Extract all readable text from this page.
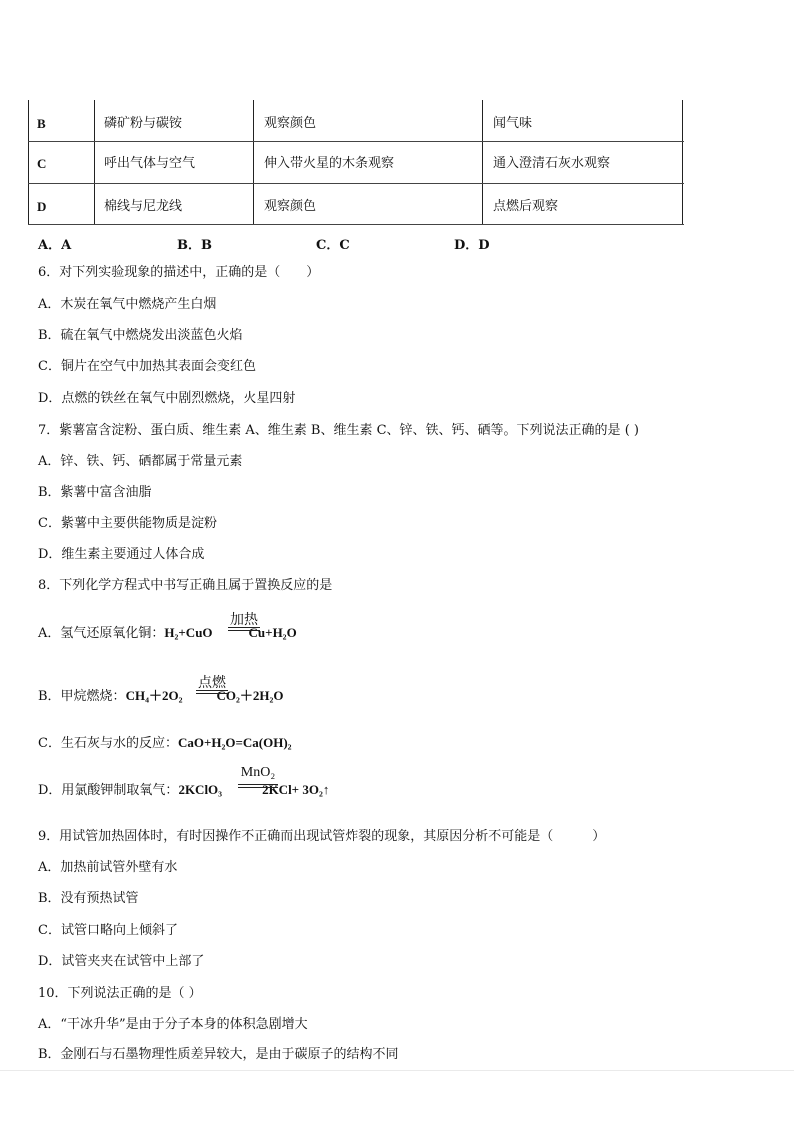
B	磷矿粉与碳铵	观察颜色	闻气味
C	呼出气体与空气	伸入带火星的木条观察	通入澄清石灰水观察
D	棉线与尼龙线	观察颜色	点燃后观察
A．A	B．B	C．C	D．D
6．对下列实验现象的描述中，正确的是（　　）
A．木炭在氧气中燃烧产生白烟
B．硫在氧气中燃烧发出淡蓝色火焰
C．铜片在空气中加热其表面会变红色
D．点燃的铁丝在氧气中剧烈燃烧，火星四射
7．紫薯富含淀粉、蛋白质、维生素 A、维生素 B、维生素 C、锌、铁、钙、硒等。下列说法正确的是 ( )
A．锌、铁、钙、硒都属于常量元素
B．紫薯中富含油脂
C．紫薯中主要供能物质是淀粉
D．维生素主要通过人体合成
8．下列化学方程式中书写正确且属于置换反应的是
A．氢气还原氧化铜：H₂+CuO	Cu+H₂O
加热
B．甲烷燃烧：CH₄＋2O₂	CO₂＋2H₂O
点燃
C．生石灰与水的反应：CaO+H₂O=Ca(OH)₂
D．用氯酸钾制取氧气：2KClO₃	2KCl+ 3O₂↑
MnO₂
9．用试管加热固体时，有时因操作不正确而出现试管炸裂的现象，其原因分析不可能是（　　　）
A．加热前试管外壁有水
B．没有预热试管
C．试管口略向上倾斜了
D．试管夹夹在试管中上部了
10．下列说法正确的是（ ）
A．“干冰升华”是由于分子本身的体积急剧增大
B．金刚石与石墨物理性质差异较大，是由于碳原子的结构不同
